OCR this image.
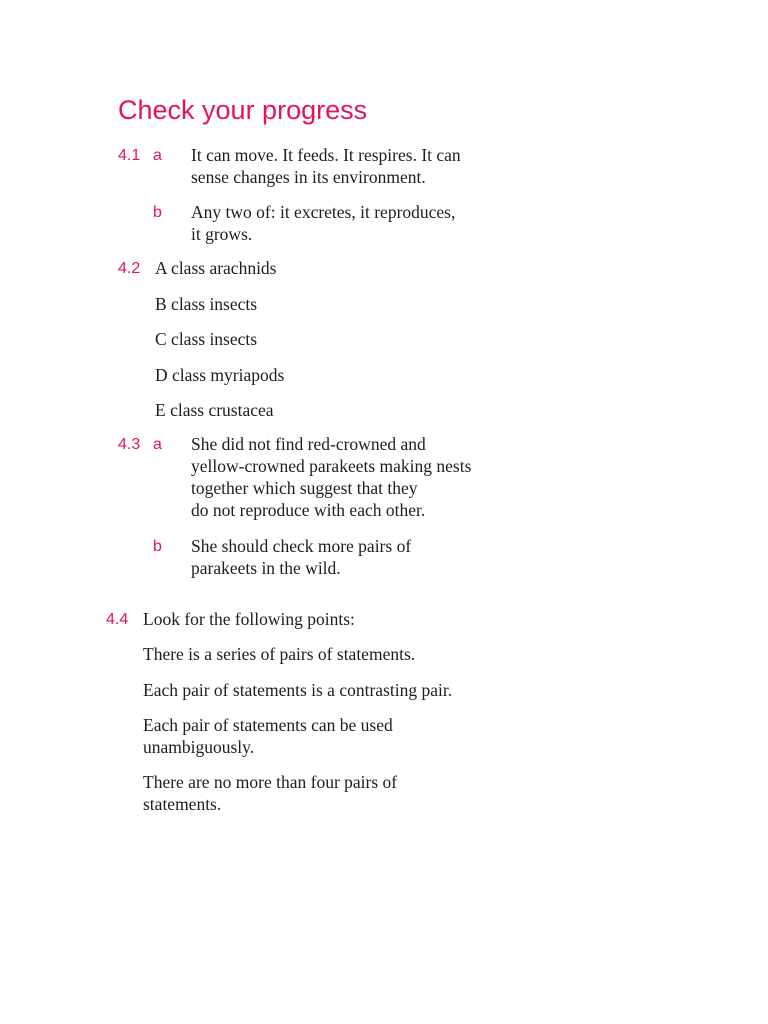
Check your progress
4.1 a It can move. It feeds. It respires. It can
sense changes in its environment.
b Any two of: it excretes, it reproduces,
it grows.
4.2 A class arachnids
B class insects
C class insects
D class myriapods
E class crustacea
4.3 a She did not find red-crowned and
yellow-crowned parakeets making nests
together which suggest that they
do not reproduce with each other.
b She should check more pairs of
parakeets in the wild.
4.4 Look for the following points:
There is a series of pairs of statements.
Each pair of statements is a contrasting pair.
Each pair of statements can be used
unambiguously.
There are no more than four pairs of
statements.
